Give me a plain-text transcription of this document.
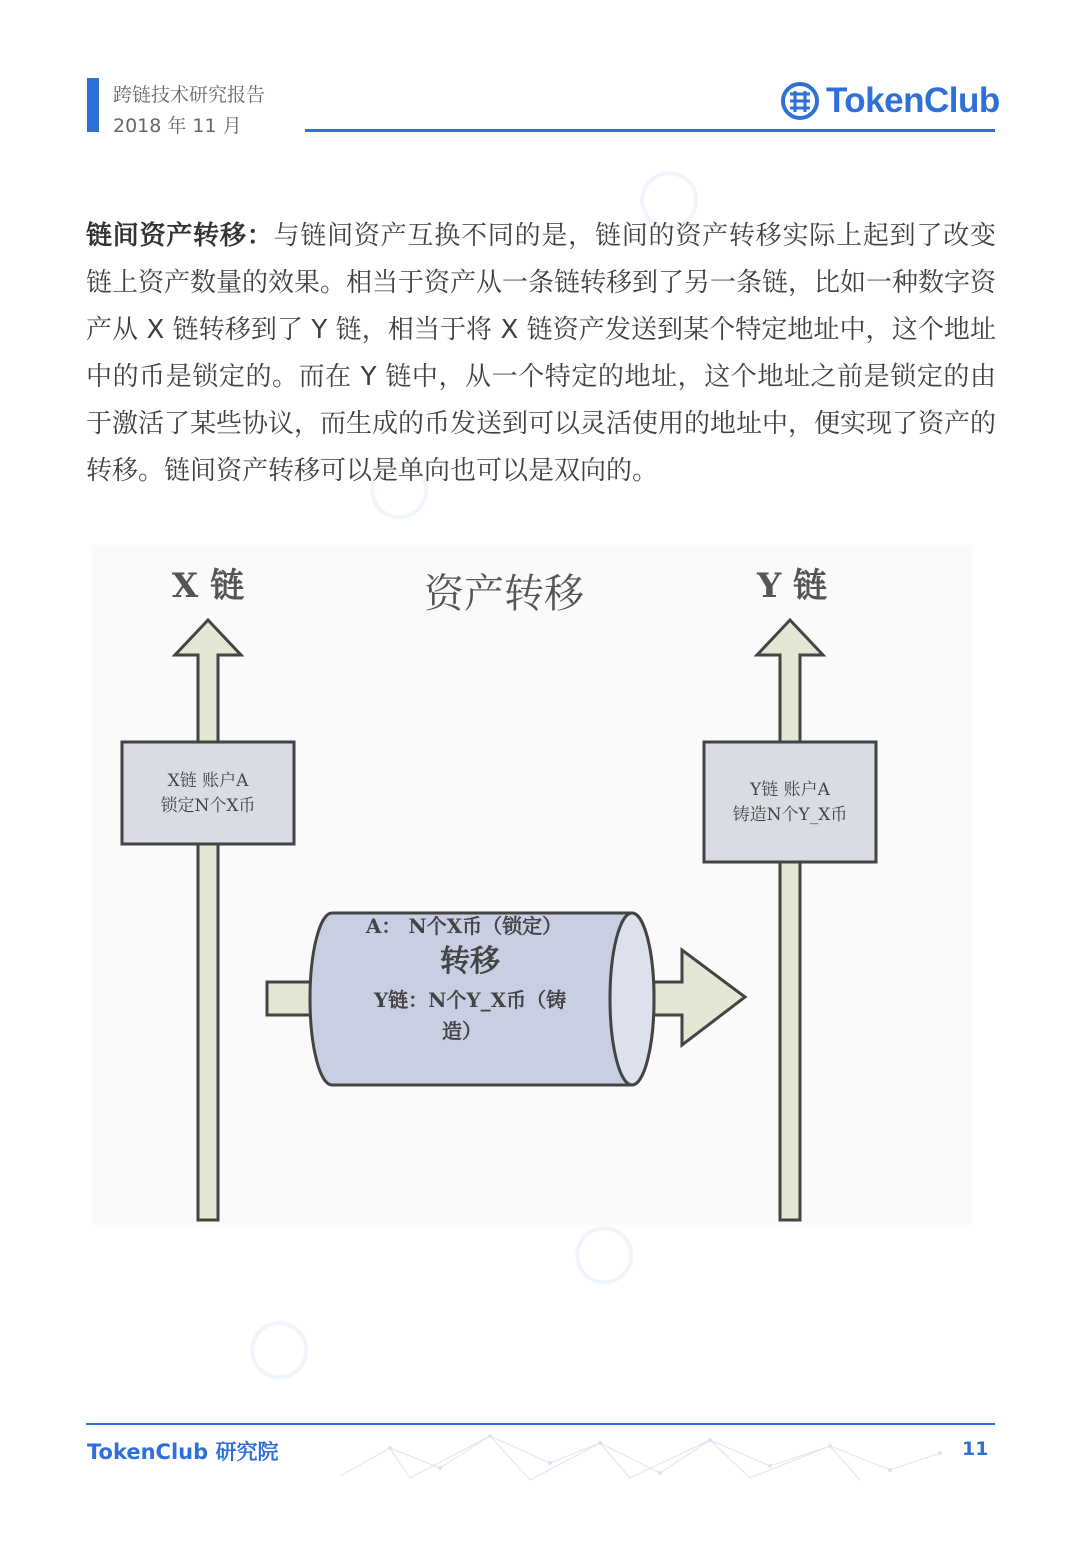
跨链技术研究报告
2018 年 11 月
TokenClub
链间资产转移：与链间资产互换不同的是，链间的资产转移实际上起到了改变链上资产数量的效果。相当于资产从一条链转移到了另一条链，比如一种数字资产从 X 链转移到了 Y 链，相当于将 X 链资产发送到某个特定地址中，这个地址中的币是锁定的。而在 Y 链中，从一个特定的地址，这个地址之前是锁定的由于激活了某些协议，而生成的币发送到可以灵活使用的地址中，便实现了资产的转移。链间资产转移可以是单向也可以是双向的。
X 链	资产转移	Y 链
X链 账户A
锁定N个X币
Y链 账户A
铸造N个Y_X币
A： N个X币（锁定）
转移
Y链：N个Y_X币（铸
造）
TokenClub 研究院	11
